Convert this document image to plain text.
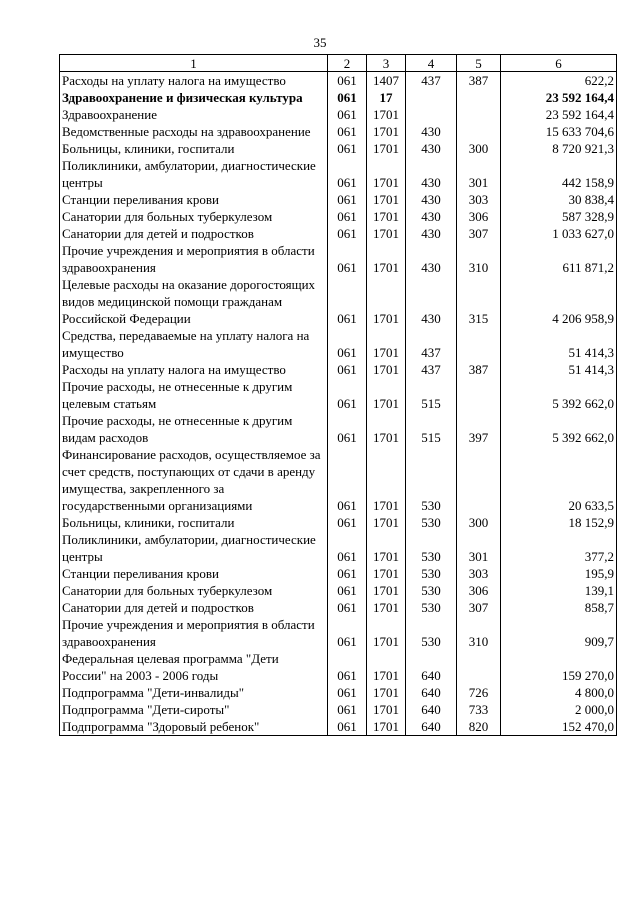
35
1	2	3	4	5	6
Расходы на уплату налога на имущество	061	1407	437	387	622,2
Здравоохранение и физическая культура	061	17			23 592 164,4
Здравоохранение	061	1701			23 592 164,4
Ведомственные расходы на здравоохранение	061	1701	430		15 633 704,6
Больницы, клиники, госпитали	061	1701	430	300	8 720 921,3
Поликлиники, амбулатории, диагностические центры	061	1701	430	301	442 158,9
Станции переливания крови	061	1701	430	303	30 838,4
Санатории для больных туберкулезом	061	1701	430	306	587 328,9
Санатории для детей и подростков	061	1701	430	307	1 033 627,0
Прочие учреждения и мероприятия в области здравоохранения	061	1701	430	310	611 871,2
Целевые расходы на оказание дорогостоящих видов медицинской помощи гражданам Российской Федерации	061	1701	430	315	4 206 958,9
Средства, передаваемые на уплату налога на имущество	061	1701	437		51 414,3
Расходы на уплату налога на имущество	061	1701	437	387	51 414,3
Прочие расходы, не отнесенные к другим целевым статьям	061	1701	515		5 392 662,0
Прочие расходы, не отнесенные к другим видам расходов	061	1701	515	397	5 392 662,0
Финансирование расходов, осуществляемое за счет средств, поступающих от сдачи в аренду имущества, закрепленного за государственными организациями	061	1701	530		20 633,5
Больницы, клиники, госпитали	061	1701	530	300	18 152,9
Поликлиники, амбулатории, диагностические центры	061	1701	530	301	377,2
Станции переливания крови	061	1701	530	303	195,9
Санатории для больных туберкулезом	061	1701	530	306	139,1
Санатории для детей и подростков	061	1701	530	307	858,7
Прочие учреждения и мероприятия в области здравоохранения	061	1701	530	310	909,7
Федеральная целевая программа "Дети России" на 2003 - 2006 годы	061	1701	640		159 270,0
Подпрограмма "Дети-инвалиды"	061	1701	640	726	4 800,0
Подпрограмма "Дети-сироты"	061	1701	640	733	2 000,0
Подпрограмма "Здоровый ребенок"	061	1701	640	820	152 470,0
